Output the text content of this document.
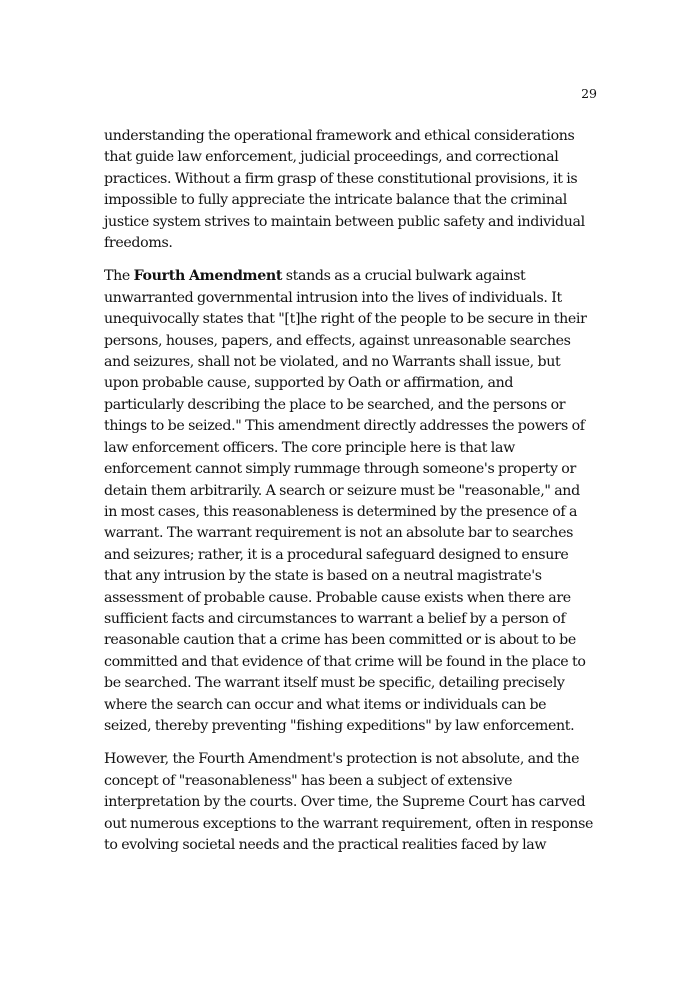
29

understanding the operational framework and ethical considerations that guide law enforcement, judicial proceedings, and correctional practices. Without a firm grasp of these constitutional provisions, it is impossible to fully appreciate the intricate balance that the criminal justice system strives to maintain between public safety and individual freedoms.

The Fourth Amendment stands as a crucial bulwark against unwarranted governmental intrusion into the lives of individuals. It unequivocally states that "[t]he right of the people to be secure in their persons, houses, papers, and effects, against unreasonable searches and seizures, shall not be violated, and no Warrants shall issue, but upon probable cause, supported by Oath or affirmation, and particularly describing the place to be searched, and the persons or things to be seized." This amendment directly addresses the powers of law enforcement officers. The core principle here is that law enforcement cannot simply rummage through someone's property or detain them arbitrarily. A search or seizure must be "reasonable," and in most cases, this reasonableness is determined by the presence of a warrant. The warrant requirement is not an absolute bar to searches and seizures; rather, it is a procedural safeguard designed to ensure that any intrusion by the state is based on a neutral magistrate's assessment of probable cause. Probable cause exists when there are sufficient facts and circumstances to warrant a belief by a person of reasonable caution that a crime has been committed or is about to be committed and that evidence of that crime will be found in the place to be searched. The warrant itself must be specific, detailing precisely where the search can occur and what items or individuals can be seized, thereby preventing "fishing expeditions" by law enforcement.

However, the Fourth Amendment's protection is not absolute, and the concept of "reasonableness" has been a subject of extensive interpretation by the courts. Over time, the Supreme Court has carved out numerous exceptions to the warrant requirement, often in response to evolving societal needs and the practical realities faced by law
